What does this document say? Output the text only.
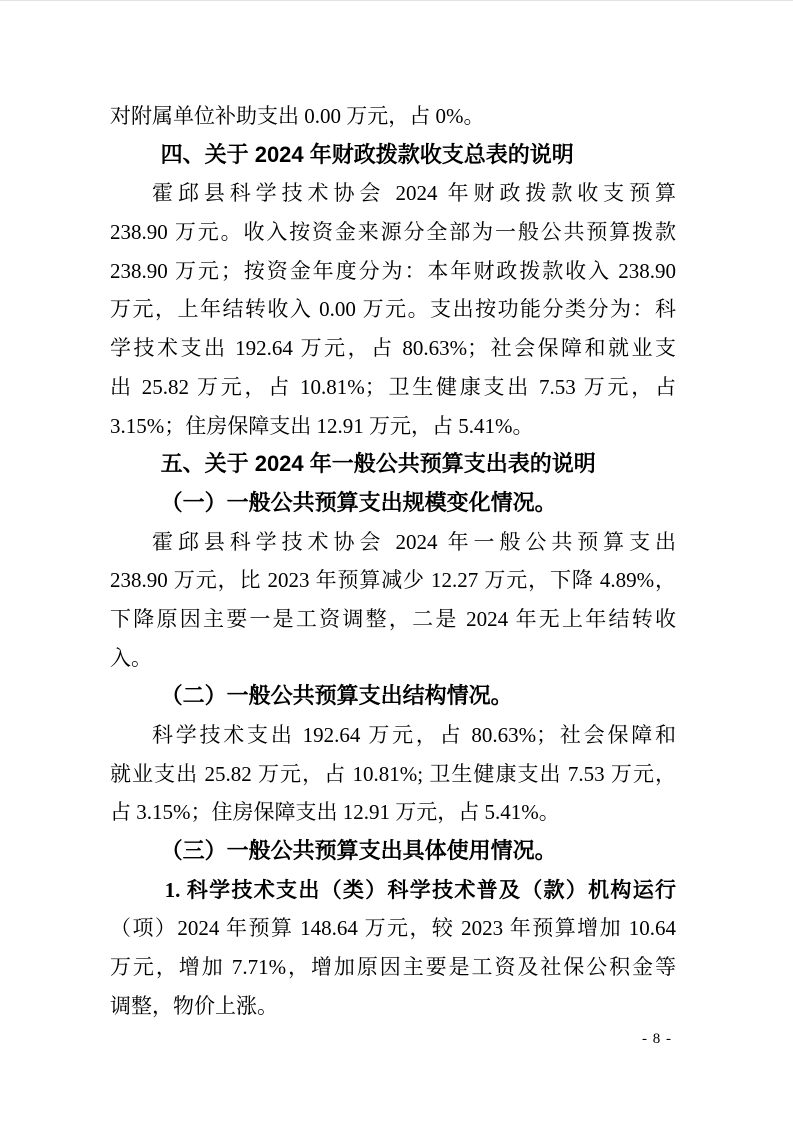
对附属单位补助支出 0.00 万元，占 0%。
四、关于 2024 年财政拨款收支总表的说明
霍邱县科学技术协会 2024 年财政拨款收支预算
238.90 万元。收入按资金来源分全部为一般公共预算拨款
238.90 万元；按资金年度分为：本年财政拨款收入 238.90
万元，上年结转收入 0.00 万元。支出按功能分类分为：科
学技术支出 192.64 万元，占 80.63%；社会保障和就业支
出 25.82 万元，占 10.81%；卫生健康支出 7.53 万元，占
3.15%；住房保障支出 12.91 万元，占 5.41%。
五、关于 2024 年一般公共预算支出表的说明
（一）一般公共预算支出规模变化情况。
霍邱县科学技术协会 2024 年一般公共预算支出
238.90 万元，比 2023 年预算减少 12.27 万元，下降 4.89%，
下降原因主要一是工资调整，二是 2024 年无上年结转收
入。
（二）一般公共预算支出结构情况。
科学技术支出 192.64 万元，占 80.63%；社会保障和
就业支出 25.82 万元，占 10.81%; 卫生健康支出 7.53 万元，
占 3.15%；住房保障支出 12.91 万元，占 5.41%。
（三）一般公共预算支出具体使用情况。
1. 科学技术支出（类）科学技术普及（款）机构运行
（项）2024 年预算 148.64 万元，较 2023 年预算增加 10.64
万元，增加 7.71%，增加原因主要是工资及社保公积金等
调整，物价上涨。
- 8 -
